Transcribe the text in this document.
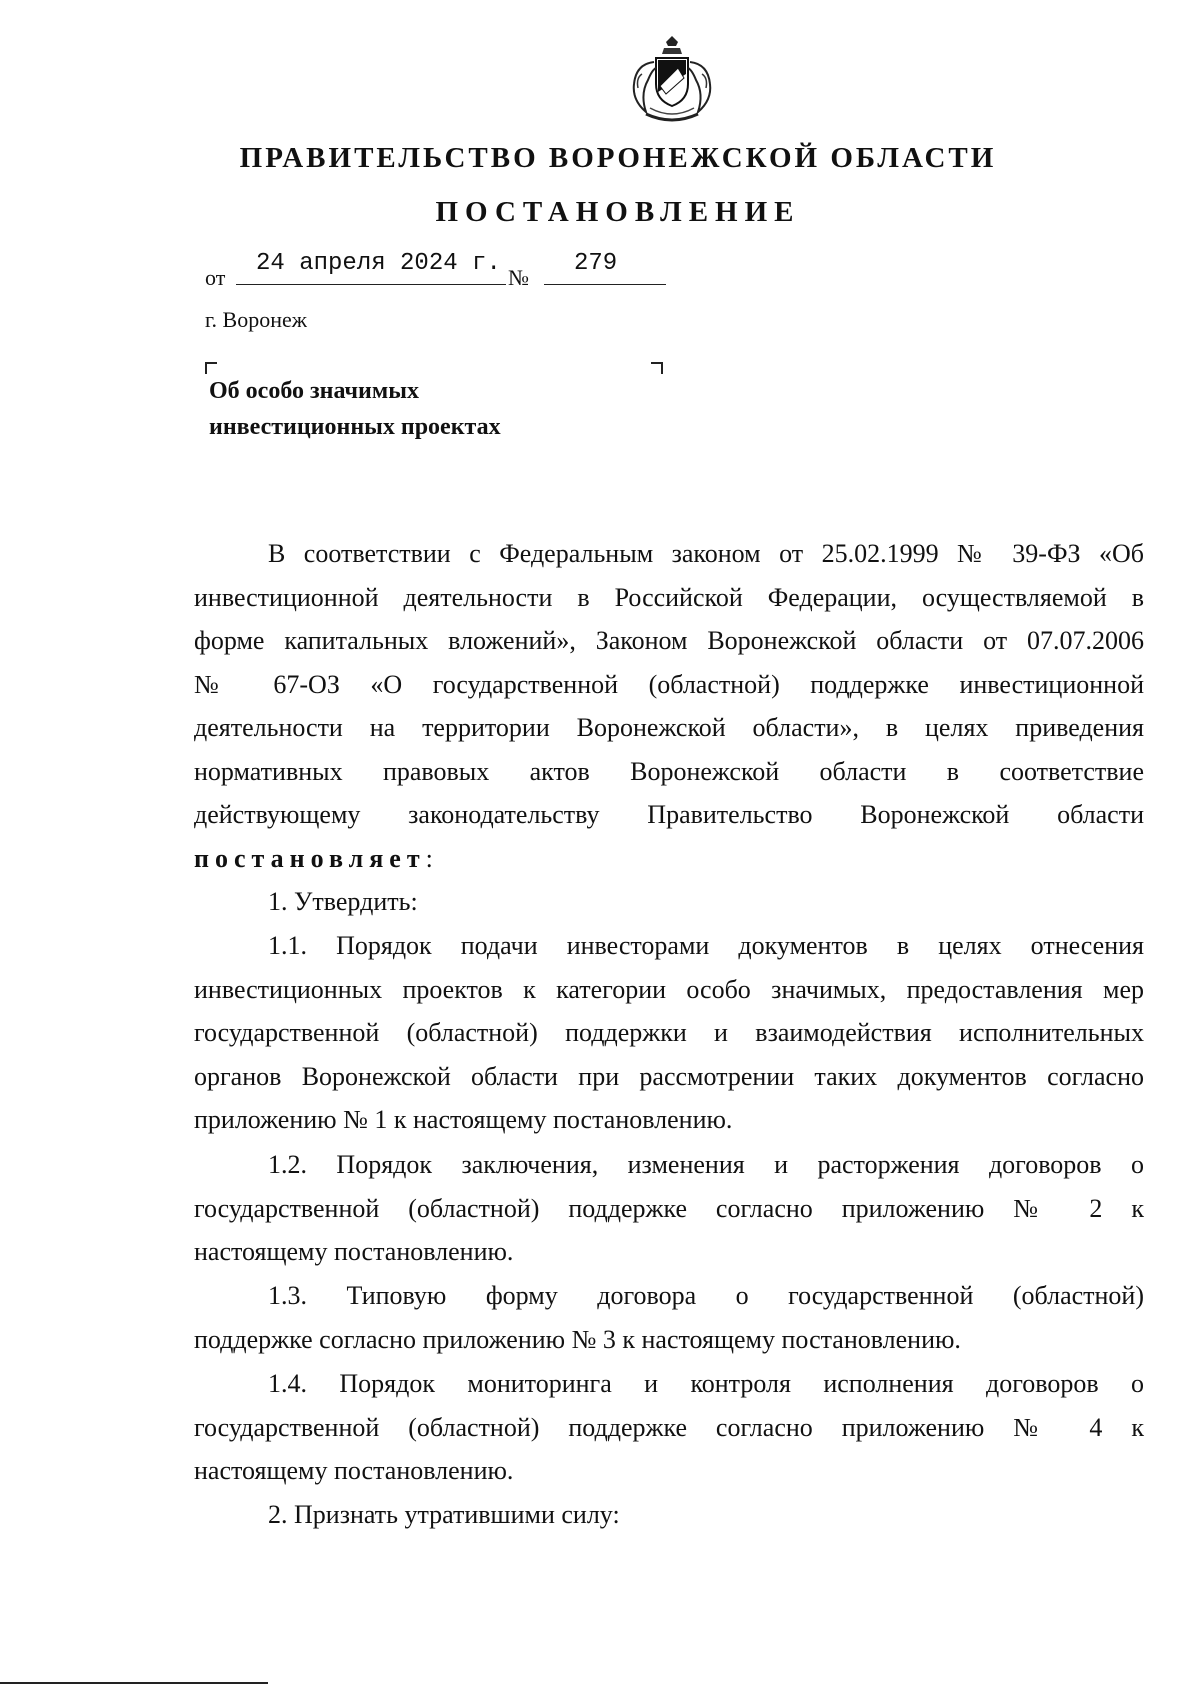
ПРАВИТЕЛЬСТВО ВОРОНЕЖСКОЙ ОБЛАСТИ
ПОСТАНОВЛЕНИЕ
от
24 апреля 2024 г.
№
279
г. Воронеж
Об особо значимых
инвестиционных проектах
В соответствии с Федеральным законом от 25.02.1999 № 39-ФЗ «Об
инвестиционной деятельности в Российской Федерации, осуществляемой в
форме капитальных вложений», Законом Воронежской области от 07.07.2006
№ 67-ОЗ «О государственной (областной) поддержке инвестиционной
деятельности на территории Воронежской области», в целях приведения
нормативных правовых актов Воронежской области в соответствие
действующему законодательству Правительство Воронежской области
постановляет:
1. Утвердить:
1.1. Порядок подачи инвесторами документов в целях отнесения
инвестиционных проектов к категории особо значимых, предоставления мер
государственной (областной) поддержки и взаимодействия исполнительных
органов Воронежской области при рассмотрении таких документов согласно
приложению № 1 к настоящему постановлению.
1.2. Порядок заключения, изменения и расторжения договоров о
государственной (областной) поддержке согласно приложению № 2 к
настоящему постановлению.
1.3. Типовую форму договора о государственной (областной)
поддержке согласно приложению № 3 к настоящему постановлению.
1.4. Порядок мониторинга и контроля исполнения договоров о
государственной (областной) поддержке согласно приложению № 4 к
настоящему постановлению.
2. Признать утратившими силу:
